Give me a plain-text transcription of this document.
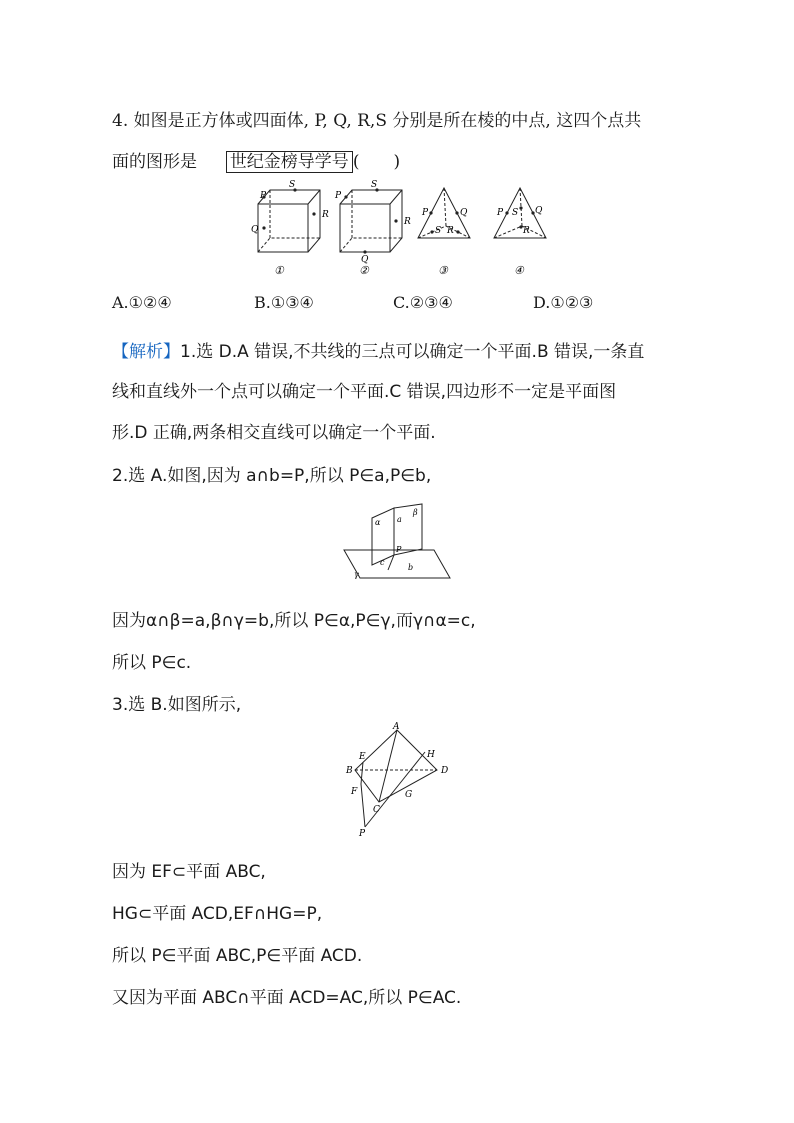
4. 如图是正方体或四面体, P, Q, R,S 分别是所在棱的中点, 这四个点共
面的图形是 世纪金榜导学号 (　　)
P
S
R
Q
①
P
S
R
Q
②
P	Q
S R
③
P	Q
S
R
④
A.①②④	B.①③④	C.②③④	D.①②③
【解析】1.选 D.A 错误,不共线的三点可以确定一个平面.B 错误,一条直
线和直线外一个点可以确定一个平面.C 错误,四边形不一定是平面图
形.D 正确,两条相交直线可以确定一个平面.
2.选 A.如图,因为 a∩b=P,所以 P∈a,P∈b,
α
β
γ
a
b
c
P
因为α∩β=a,β∩γ=b,所以 P∈α,P∈γ,而γ∩α=c,
所以 P∈c.
3.选 B.如图所示,
A
B
C
D
E
F	G
H
P
因为 EF⊂平面 ABC,
HG⊂平面 ACD,EF∩HG=P,
所以 P∈平面 ABC,P∈平面 ACD.
又因为平面 ABC∩平面 ACD=AC,所以 P∈AC.
